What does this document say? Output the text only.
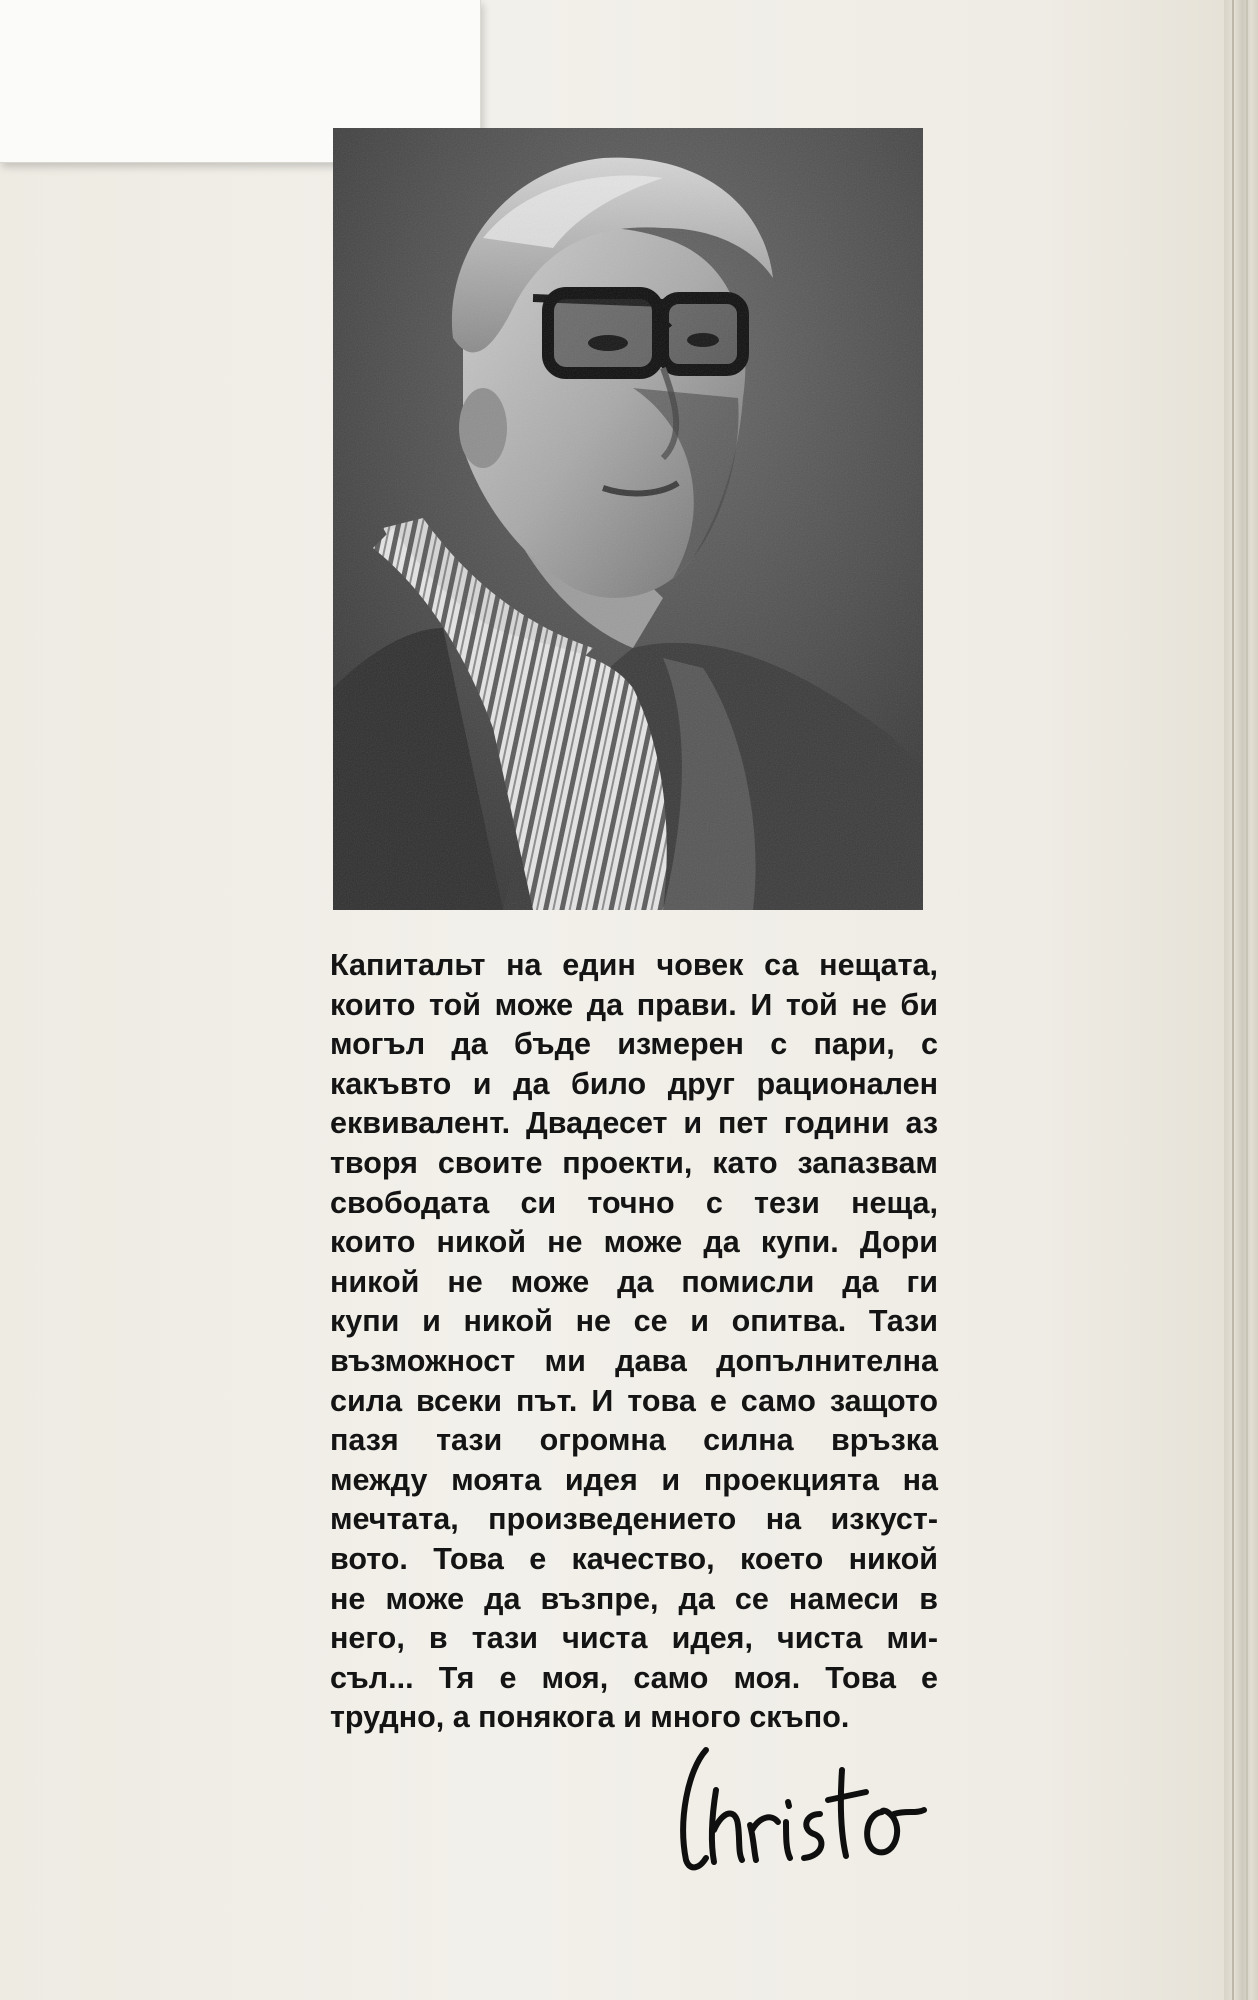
Капитальт на един човек са нещата,
които той може да прави. И той не би
могъл да бъде измерен с пари, с
какъвто и да било друг рационален
еквивалент. Двадесет и пет години аз
творя своите проекти, като запазвам
свободата си точно с тези неща,
които никой не може да купи. Дори
никой не може да помисли да ги
купи и никой не се и опитва. Тази
възможност ми дава допълнителна
сила всеки път. И това е само защото
пазя тази огромна силна връзка
между моята идея и проекцията на
мечтата, произведението на изкуст-
вото. Това е качество, което никой
не може да възпре, да се намеси в
него, в тази чиста идея, чиста ми-
съл... Тя е моя, само моя. Това е
трудно, а понякога и много скъпо.
